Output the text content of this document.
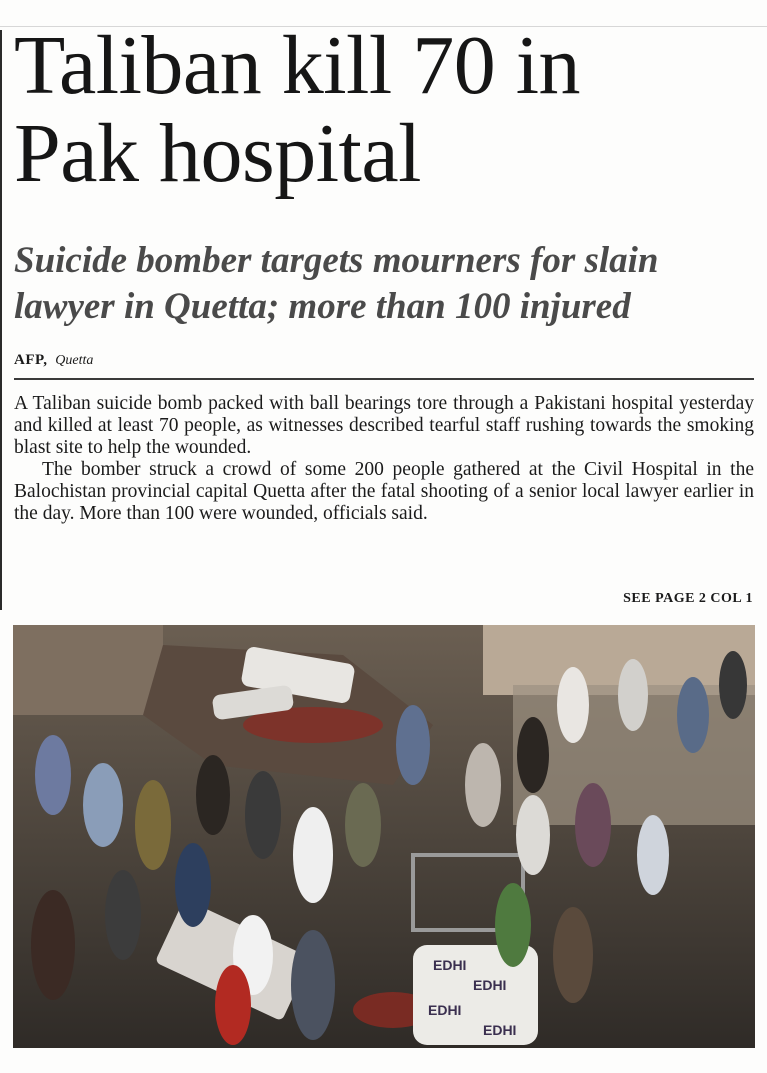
Taliban kill 70 in
Pak hospital
Suicide bomber targets mourners for slain
lawyer in Quetta; more than 100 injured
AFP, Quetta

A Taliban suicide bomb packed with ball bearings tore through a Pakistani hospital yesterday and killed at least 70 people, as witnesses described tearful staff rushing towards the smoking blast site to help the wounded.

The bomber struck a crowd of some 200 people gathered at the Civil Hospital in the Balochistan provincial capital Quetta after the fatal shooting of a senior local lawyer earlier in the day. More than 100 were wounded, officials said.

SEE PAGE 2 COL 1
EDHI
EDHI
EDHI
EDHI
